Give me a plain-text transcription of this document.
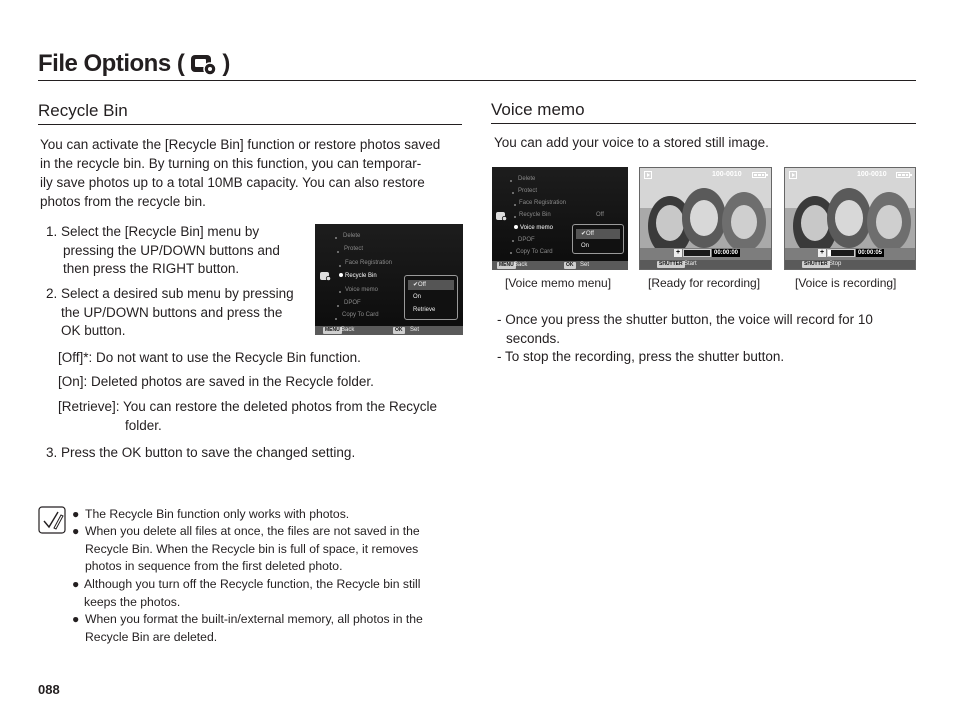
File Options ( )
Recycle Bin
You can activate the [Recycle Bin] function or restore photos saved
in the recycle bin. By turning on this function, you can temporar-
ily save photos up to a total 10MB capacity. You can also restore
photos from the recycle bin.
1. Select the [Recycle Bin] menu by
pressing the UP/DOWN buttons and
then press the RIGHT button.
2. Select a desired sub menu by pressing
the UP/DOWN buttons and press the
OK button.
Delete
Protect
Face Registration
Recycle Bin
Voice memo
DPOF
Copy To Card
✔Off
On
Retrieve
MENU Back	OK	Set
[Off]*: Do not want to use the Recycle Bin function.
[On]: Deleted photos are saved in the Recycle folder.
[Retrieve]: You can restore the deleted photos from the Recycle
folder.
3. Press the OK button to save the changed setting.
Voice memo
You can add your voice to a stored still image.
Delete
Protect
Face Registration
Recycle Bin	Off
Voice memo
DPOF
Copy To Card
✔Off
On
MENU Back	OK	Set
100-0010
+	00:00:00
SHUTTER Start
100-0010
+	00:00:05
SHUTTER Stop
[Voice memo menu]	[Ready for recording]	[Voice is recording]
- Once you press the shutter button, the voice will record for 10
seconds.
- To stop the recording, press the shutter button.
● The Recycle Bin function only works with photos.
● When you delete all files at once, the files are not saved in the
Recycle Bin. When the Recycle bin is full of space, it removes
photos in sequence from the first deleted photo.
● Although you turn off the Recycle function, the Recycle bin still
keeps the photos.
● When you format the built-in/external memory, all photos in the
Recycle Bin are deleted.
088
